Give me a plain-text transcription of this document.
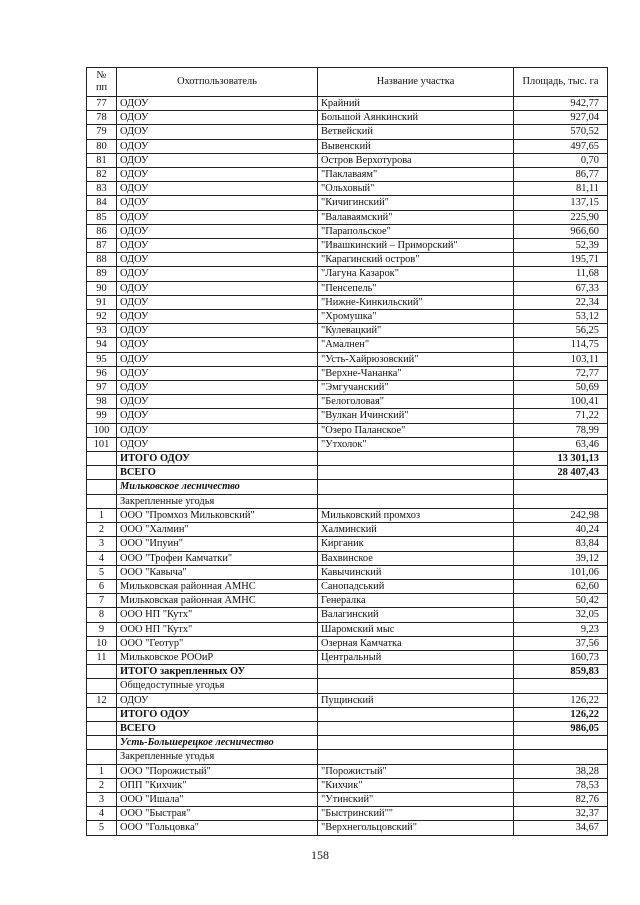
№
пп	Охотпользователь	Название участка	Площадь, тыс. га
77	ОДОУ	Крайний	942,77
78	ОДОУ	Большой Аянкинский	927,04
79	ОДОУ	Ветвейский	570,52
80	ОДОУ	Вывенский	497,65
81	ОДОУ	Остров Верхотурова	0,70
82	ОДОУ	"Паклаваям"	86,77
83	ОДОУ	"Ольховый"	81,11
84	ОДОУ	"Кичигинский"	137,15
85	ОДОУ	"Валаваямский"	225,90
86	ОДОУ	"Парапольское"	966,60
87	ОДОУ	"Ивашкинский – Приморский"	52,39
88	ОДОУ	"Карагинский остров"	195,71
89	ОДОУ	"Лагуна Казарок"	11,68
90	ОДОУ	"Пенсепель"	67,33
91	ОДОУ	"Нижне-Кинкильский"	22,34
92	ОДОУ	"Хромушка"	53,12
93	ОДОУ	"Кулевацкий"	56,25
94	ОДОУ	"Амалнен"	114,75
95	ОДОУ	"Усть-Хайрюзовский"	103,11
96	ОДОУ	"Верхне-Чананка"	72,77
97	ОДОУ	"Эмгучанский"	50,69
98	ОДОУ	"Белоголовая"	100,41
99	ОДОУ	"Вулкан Ичинский"	71,22
100	ОДОУ	"Озеро Паланское"	78,99
101	ОДОУ	"Утхолок"	63,46
	ИТОГО ОДОУ		13 301,13
	ВСЕГО		28 407,43
	Мильковское лесничество		
	Закрепленные угодья		
1	ООО "Промхоз Мильковский"	Мильковский промхоз	242,98
2	ООО "Халмин"	Халминский	40,24
3	ООО "Ипуин"	Кирганик	83,84
4	ООО "Трофеи Камчатки"	Вахвинское	39,12
5	ООО "Кавыча"	Кавычинский	101,06
6	Мильковская районная АМНС	Санопадський	62,60
7	Мильковская районная АМНС	Генералка	50,42
8	ООО НП "Кутх"	Валагинский	32,05
9	ООО НП "Кутх"	Шаромский мыс	9,23
10	ООО "Геотур"	Озерная Камчатка	37,56
11	Мильковское РООиР	Центральный	160,73
	ИТОГО закрепленных ОУ		859,83
	Общедоступные угодья		
12	ОДОУ	Пущинский	126,22
	ИТОГО ОДОУ		126,22
	ВСЕГО		986,05
	Усть-Большерецкое лесничество		
	Закрепленные угодья		
1	ООО "Порожистый"	"Порожистый"	38,28
2	ОПП "Кихчик"	"Кихчик"	78,53
3	ООО "Ишала"	"Утинский"	82,76
4	ООО "Быстрая"	"Быстринский""	32,37
5	ООО "Гольцовка"	"Верхнегольцовский"	34,67
158
